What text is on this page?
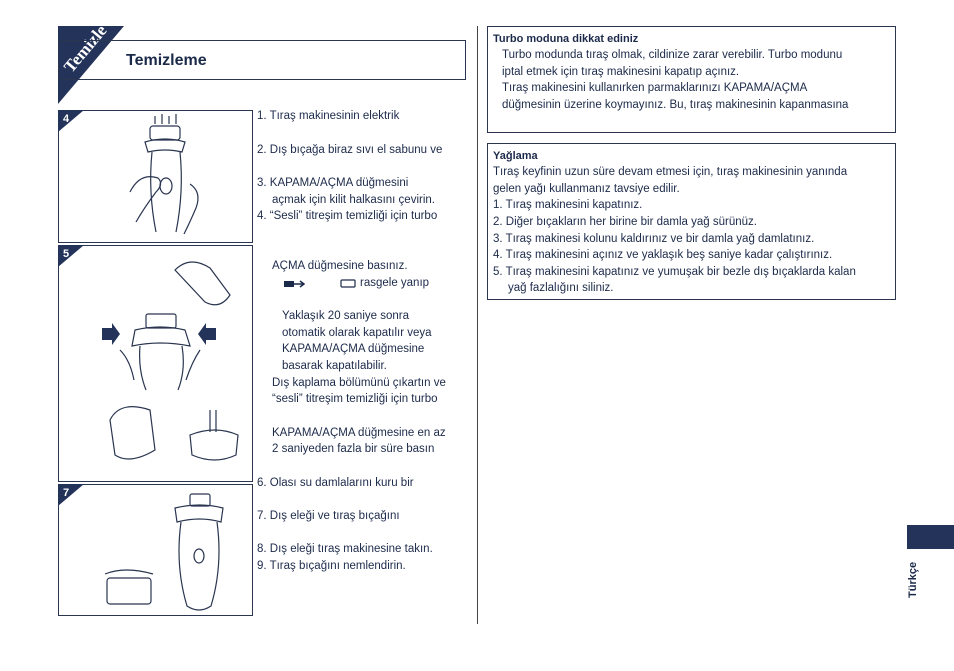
Temizle Temizleme
4
5
7
1. Tıraş makinesinin elektrik
2. Dış bıçağa biraz sıvı el sabunu ve
3. KAPAMA/AÇMA düğmesini
açmak için kilit halkasını çevirin.
4. “Sesli” titreşim temizliği için turbo
AÇMA düğmesine basınız.
rasgele yanıp
Yaklaşık 20 saniye sonra
otomatik olarak kapatılır veya
KAPAMA/AÇMA düğmesine
basarak kapatılabilir.
Dış kaplama bölümünü çıkartın ve
“sesli” titreşim temizliği için turbo
KAPAMA/AÇMA düğmesine en az
2 saniyeden fazla bir süre basın
6. Olası su damlalarını kuru bir
7. Dış eleği ve tıraş bıçağını
8. Dış eleği tıraş makinesine takın.
9. Tıraş bıçağını nemlendirin.
Turbo moduna dikkat ediniz
Turbo modunda tıraş olmak, cildinize zarar verebilir. Turbo modunu
iptal etmek için tıraş makinesini kapatıp açınız.
Tıraş makinesini kullanırken parmaklarınızı KAPAMA/AÇMA
düğmesinin üzerine koymayınız. Bu, tıraş makinesinin kapanmasına
Yağlama
Tıraş keyfinin uzun süre devam etmesi için, tıraş makinesinin yanında
gelen yağı kullanmanız tavsiye edilir.
1. Tıraş makinesini kapatınız.
2. Diğer bıçakların her birine bir damla yağ sürünüz.
3. Tıraş makinesi kolunu kaldırınız ve bir damla yağ damlatınız.
4. Tıraş makinesini açınız ve yaklaşık beş saniye kadar çalıştırınız.
5. Tıraş makinesini kapatınız ve yumuşak bir bezle dış bıçaklarda kalan
yağ fazlalığını siliniz.
Türkçe
